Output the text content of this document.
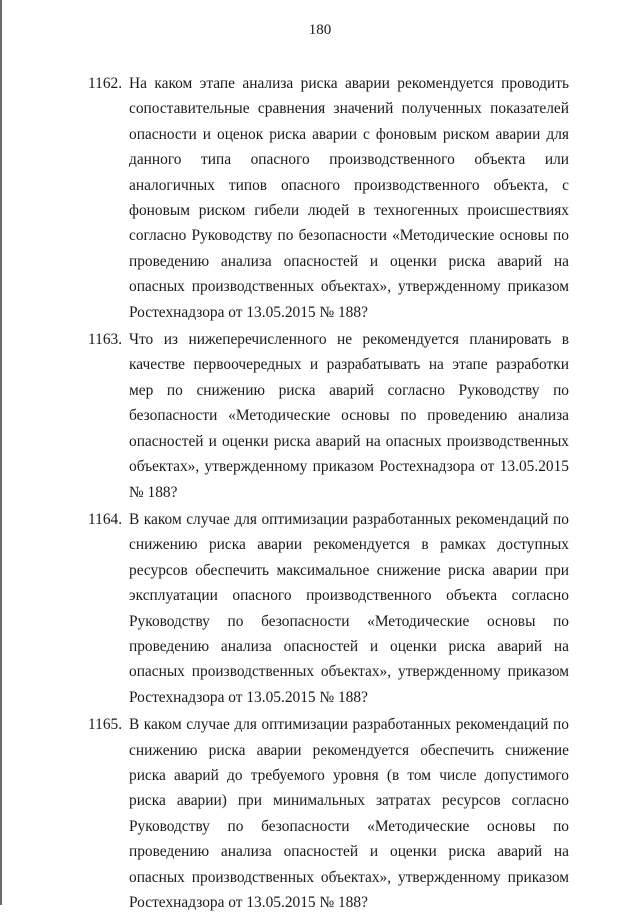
180
1162. На каком этапе анализа риска аварии рекомендуется проводить сопоставительные сравнения значений полученных показателей опасности и оценок риска аварии с фоновым риском аварии для данного типа опасного производственного объекта или аналогичных типов опасного производственного объекта, с фоновым риском гибели людей в техногенных происшествиях согласно Руководству по безопасности «Методические основы по проведению анализа опасностей и оценки риска аварий на опасных производственных объектах», утвержденному приказом Ростехнадзора от 13.05.2015 № 188?
1163. Что из нижеперечисленного не рекомендуется планировать в качестве первоочередных и разрабатывать на этапе разработки мер по снижению риска аварий согласно Руководству по безопасности «Методические основы по проведению анализа опасностей и оценки риска аварий на опасных производственных объектах», утвержденному приказом Ростехнадзора от 13.05.2015 № 188?
1164. В каком случае для оптимизации разработанных рекомендаций по снижению риска аварии рекомендуется в рамках доступных ресурсов обеспечить максимальное снижение риска аварии при эксплуатации опасного производственного объекта согласно Руководству по безопасности «Методические основы по проведению анализа опасностей и оценки риска аварий на опасных производственных объектах», утвержденному приказом Ростехнадзора от 13.05.2015 № 188?
1165. В каком случае для оптимизации разработанных рекомендаций по снижению риска аварии рекомендуется обеспечить снижение риска аварий до требуемого уровня (в том числе допустимого риска аварии) при минимальных затратах ресурсов согласно Руководству по безопасности «Методические основы по проведению анализа опасностей и оценки риска аварий на опасных производственных объектах», утвержденному приказом Ростехнадзора от 13.05.2015 № 188?
